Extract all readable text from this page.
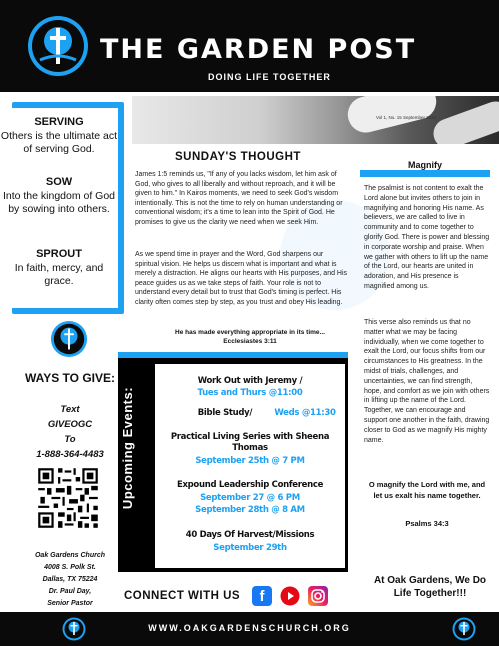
THE GARDEN POST
DOING LIFE TOGETHER
Vol 1, No. 15 September 2024
SERVING
Others is the ultimate act of serving God.
SOW
Into the kingdom of God by sowing into others.
SPROUT
In faith, mercy, and grace.
SUNDAY'S THOUGHT
James 1:5 reminds us, "If any of you lacks wisdom, let him ask of God, who gives to all liberally and without reproach, and it will be given to him." In Kairos moments, we need to seek God's wisdom intentionally. This is not the time to rely on human understanding or conventional wisdom; it's a time to lean into the Spirit of God. He promises to give us the clarity we need when we seek Him.
As we spend time in prayer and the Word, God sharpens our spiritual vision. He helps us discern what is important and what is merely a distraction. He aligns our hearts with His purposes, and His peace guides us as we take steps of faith. Your role is not to understand every detail but to trust that God's timing is perfect. His clarity often comes step by step, as you trust and obey His leading.
He has made everything appropriate in its time...
Ecclesiastes 3:11
Magnify
The psalmist is not content to exalt the Lord alone but invites others to join in magnifying and honoring His name. As believers, we are called to live in community and to come together to glorify God. There is power and blessing in corporate worship and praise. When we gather with others to lift up the name of the Lord, our hearts are united in adoration, and His presence is magnified among us.
This verse also reminds us that no matter what we may be facing individually, when we come together to exalt the Lord, our focus shifts from our circumstances to His greatness. In the midst of trials, challenges, and uncertainties, we can find strength, hope, and comfort as we join with others in lifting up the name of the Lord. Together, we can encourage and support one another in the faith, drawing closer to God as we magnify His mighty name.
O magnify the Lord with me, and let us exalt his name together.
Psalms 34:3
WAYS TO GIVE:
Text
GIVEOGC
To
1-888-364-4483
Oak Gardens Church
4008 S. Polk St.
Dallas, TX 75224
Dr. Paul Day,
Senior Pastor
Upcoming Events:
Work Out with Jeremy /
Tues and Thurs @11:00
Bible Study/	Weds @11:30
Practical Living Series with Sheena Thomas
September 25th @ 7 PM
Expound Leadership Conference
September 27 @ 6 PM
September 28th @ 8 AM
40 Days Of Harvest/Missions
September 29th
CONNECT WITH US	f
At Oak Gardens, We Do Life Together!!!
WWW.OAKGARDENSCHURCH.ORG
